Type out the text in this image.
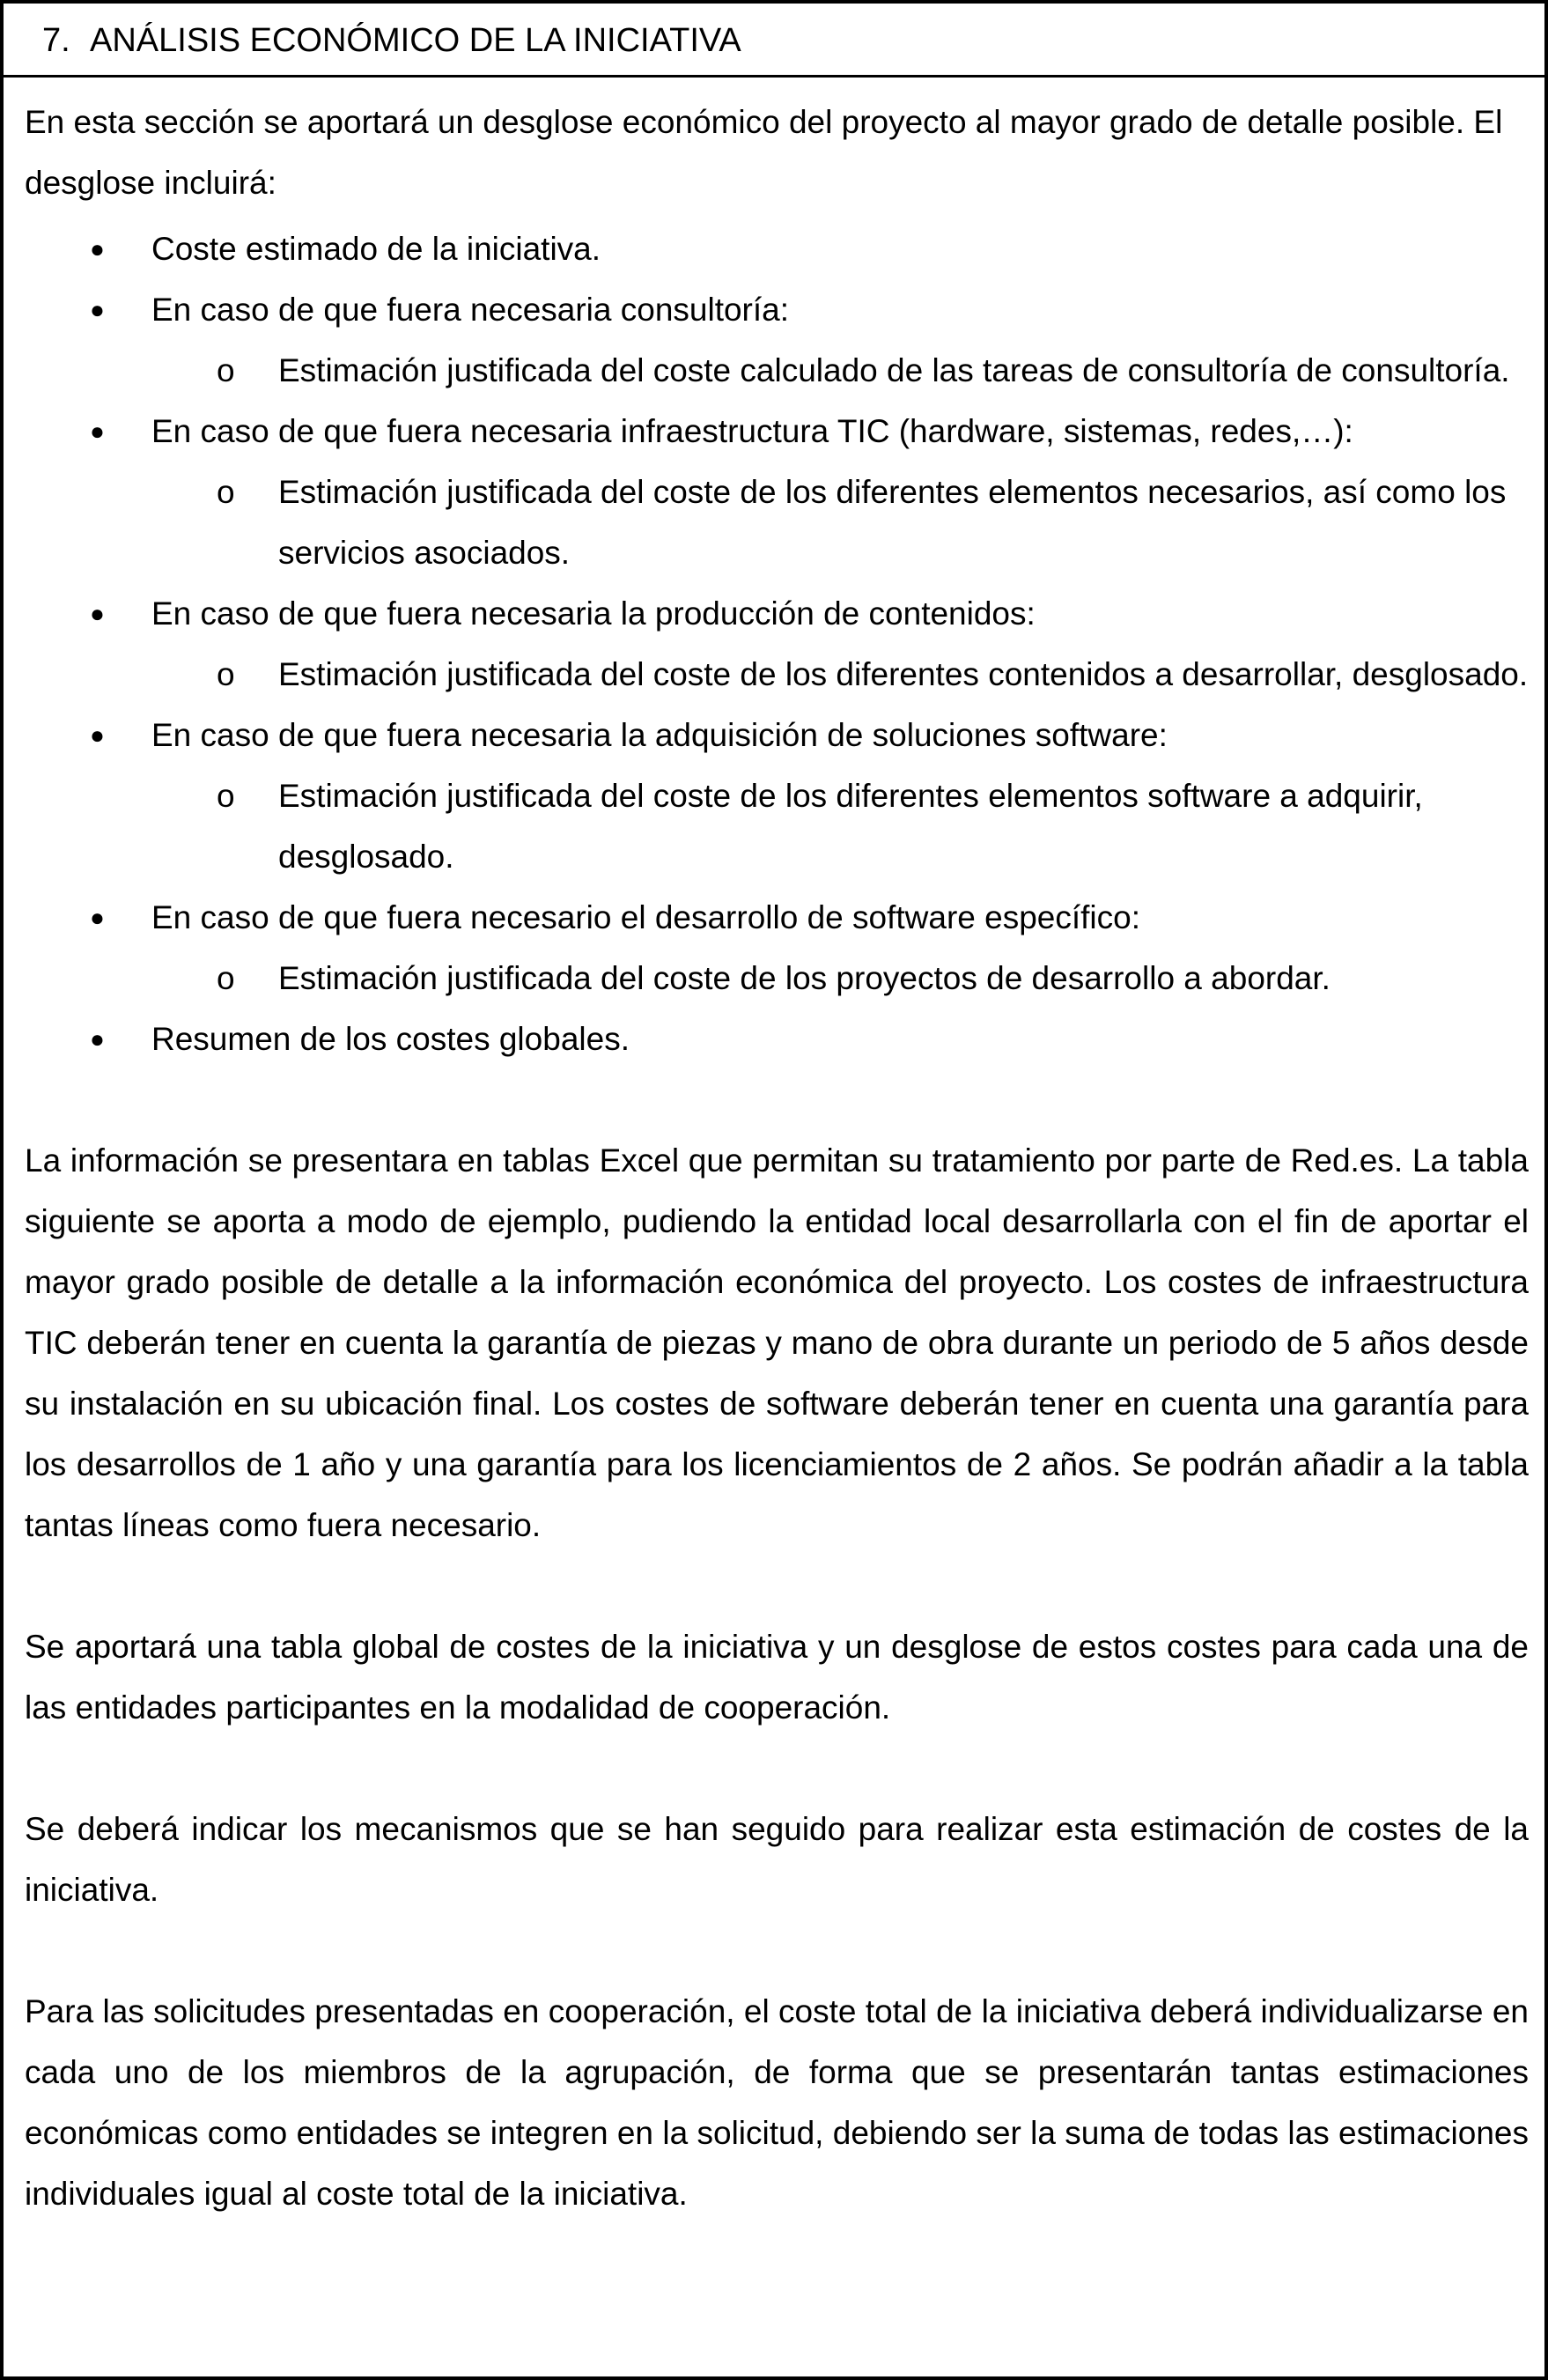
7. ANÁLISIS ECONÓMICO DE LA INICIATIVA

En esta sección se aportará un desglose económico del proyecto al mayor grado de detalle posible. El desglose incluirá:

● Coste estimado de la iniciativa.
● En caso de que fuera necesaria consultoría:
o Estimación justificada del coste calculado de las tareas de consultoría de consultoría.
● En caso de que fuera necesaria infraestructura TIC (hardware, sistemas, redes,…):
o Estimación justificada del coste de los diferentes elementos necesarios, así como los servicios asociados.
● En caso de que fuera necesaria la producción de contenidos:
o Estimación justificada del coste de los diferentes contenidos a desarrollar, desglosado.
● En caso de que fuera necesaria la adquisición de soluciones software:
o Estimación justificada del coste de los diferentes elementos software a adquirir, desglosado.
● En caso de que fuera necesario el desarrollo de software específico:
o Estimación justificada del coste de los proyectos de desarrollo a abordar.
● Resumen de los costes globales.

La información se presentara en tablas Excel que permitan su tratamiento por parte de Red.es. La tabla siguiente se aporta a modo de ejemplo, pudiendo la entidad local desarrollarla con el fin de aportar el mayor grado posible de detalle a la información económica del proyecto. Los costes de infraestructura TIC deberán tener en cuenta la garantía de piezas y mano de obra durante un periodo de 5 años desde su instalación en su ubicación final. Los costes de software deberán tener en cuenta una garantía para los desarrollos de 1 año y una garantía para los licenciamientos de 2 años. Se podrán añadir a la tabla tantas líneas como fuera necesario.

Se aportará una tabla global de costes de la iniciativa y un desglose de estos costes para cada una de las entidades participantes en la modalidad de cooperación.

Se deberá indicar los mecanismos que se han seguido para realizar esta estimación de costes de la iniciativa.

Para las solicitudes presentadas en cooperación, el coste total de la iniciativa deberá individualizarse en cada uno de los miembros de la agrupación, de forma que se presentarán tantas estimaciones económicas como entidades se integren en la solicitud, debiendo ser la suma de todas las estimaciones individuales igual al coste total de la iniciativa.
